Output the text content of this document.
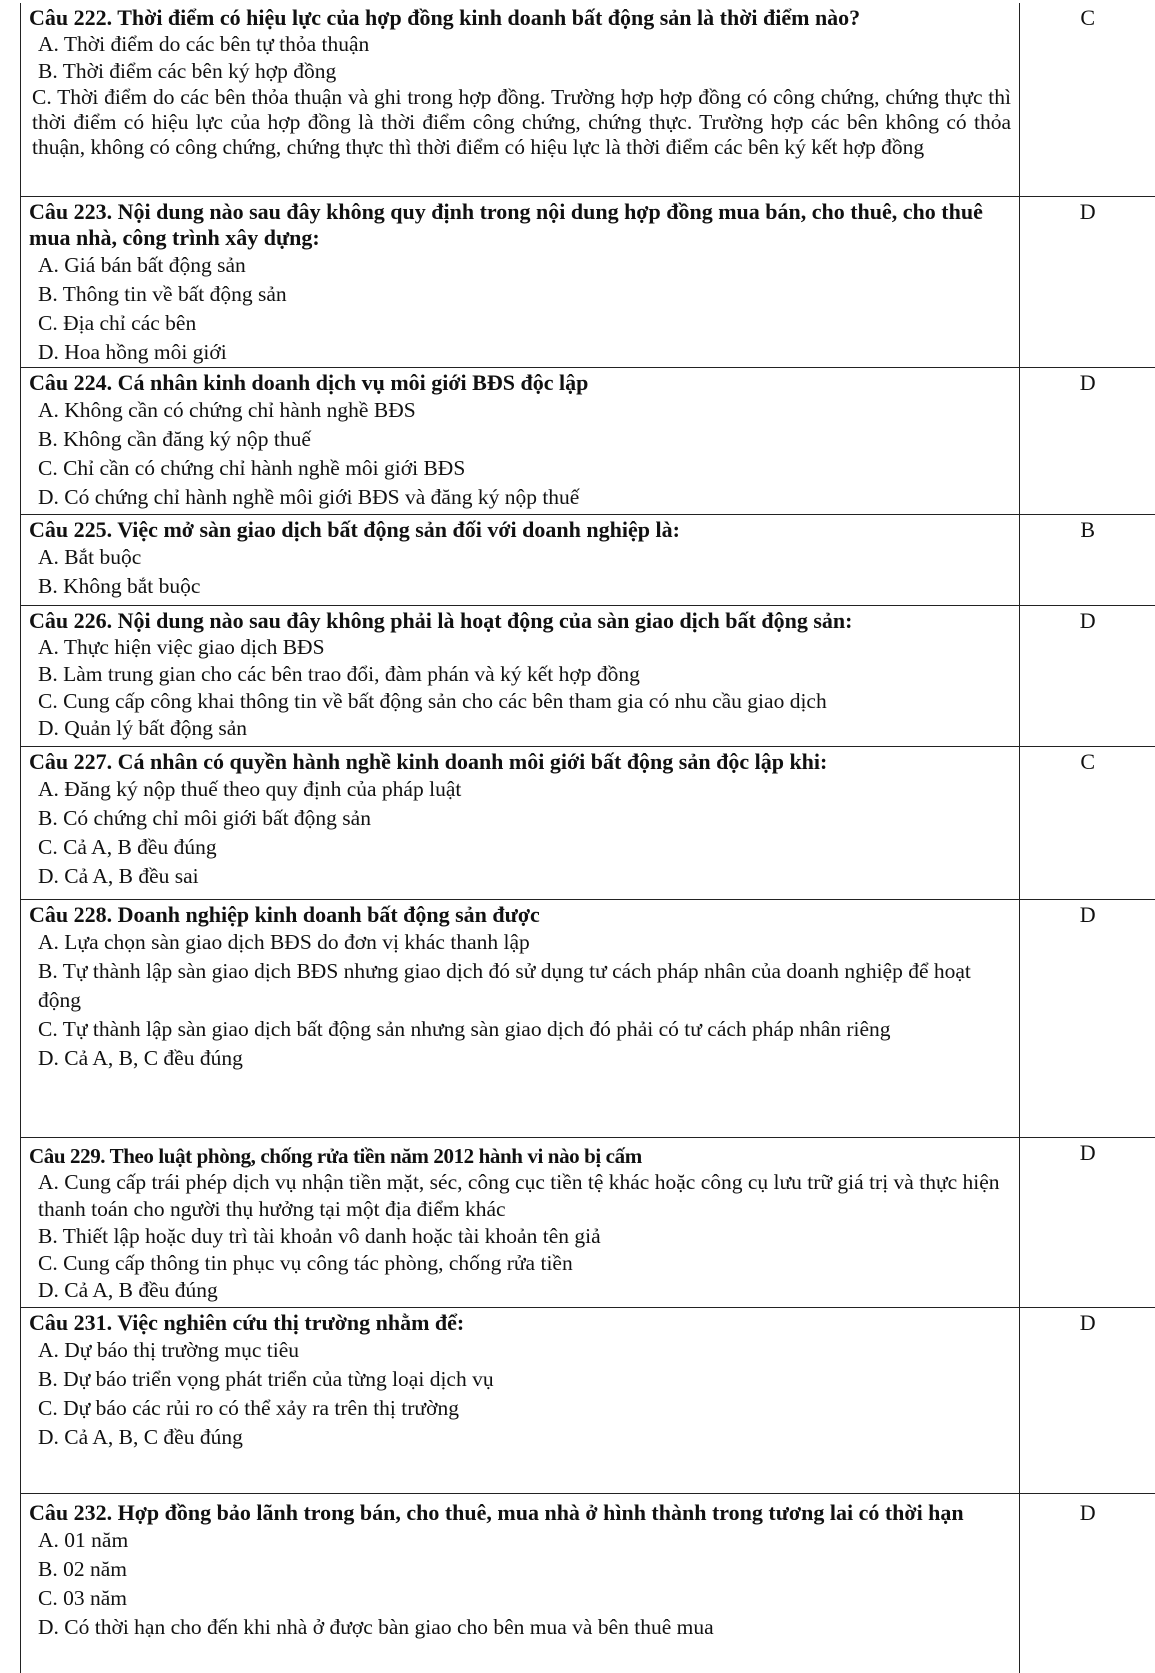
Câu 222. Thời điểm có hiệu lực của hợp đồng kinh doanh bất động sản là thời điểm nào?
A. Thời điểm do các bên tự thỏa thuận
B. Thời điểm các bên ký hợp đồng
C. Thời điểm do các bên thỏa thuận và ghi trong hợp đồng. Trường hợp hợp đồng có công chứng, chứng thực thì thời điểm có hiệu lực của hợp đồng là thời điểm công chứng, chứng thực. Trường hợp các bên không có thỏa thuận, không có công chứng, chứng thực thì thời điểm có hiệu lực là thời điểm các bên ký kết hợp đồng	C

Câu 223. Nội dung nào sau đây không quy định trong nội dung hợp đồng mua bán, cho thuê, cho thuê mua nhà, công trình xây dựng:
A. Giá bán bất động sản
B. Thông tin về bất động sản
C. Địa chỉ các bên
D. Hoa hồng môi giới	D

Câu 224. Cá nhân kinh doanh dịch vụ môi giới BĐS độc lập
A. Không cần có chứng chỉ hành nghề BĐS
B. Không cần đăng ký nộp thuế
C. Chỉ cần có chứng chỉ hành nghề môi giới BĐS
D. Có chứng chỉ hành nghề môi giới BĐS và đăng ký nộp thuế	D

Câu 225. Việc mở sàn giao dịch bất động sản đối với doanh nghiệp là:
A. Bắt buộc
B. Không bắt buộc	B

Câu 226. Nội dung nào sau đây không phải là hoạt động của sàn giao dịch bất động sản:
A. Thực hiện việc giao dịch BĐS
B. Làm trung gian cho các bên trao đổi, đàm phán và ký kết hợp đồng
C. Cung cấp công khai thông tin về bất động sản cho các bên tham gia có nhu cầu giao dịch
D. Quản lý bất động sản	D

Câu 227. Cá nhân có quyền hành nghề kinh doanh môi giới bất động sản độc lập khi:
A. Đăng ký nộp thuế theo quy định của pháp luật
B. Có chứng chỉ môi giới bất động sản
C. Cả A, B đều đúng
D. Cả A, B đều sai	C

Câu 228. Doanh nghiệp kinh doanh bất động sản được
A. Lựa chọn sàn giao dịch BĐS do đơn vị khác thanh lập
B. Tự thành lập sàn giao dịch BĐS nhưng giao dịch đó sử dụng tư cách pháp nhân của doanh nghiệp để hoạt động
C. Tự thành lập sàn giao dịch bất động sản nhưng sàn giao dịch đó phải có tư cách pháp nhân riêng
D. Cả A, B, C đều đúng	D

Câu 229. Theo luật phòng, chống rửa tiền năm 2012 hành vi nào bị cấm
A. Cung cấp trái phép dịch vụ nhận tiền mặt, séc, công cục tiền tệ khác hoặc công cụ lưu trữ giá trị và thực hiện thanh toán cho người thụ hưởng tại một địa điểm khác
B. Thiết lập hoặc duy trì tài khoản vô danh hoặc tài khoản tên giả
C. Cung cấp thông tin phục vụ công tác phòng, chống rửa tiền
D. Cả A, B đều đúng	D

Câu 231. Việc nghiên cứu thị trường nhằm để:
A. Dự báo thị trường mục tiêu
B. Dự báo triển vọng phát triển của từng loại dịch vụ
C. Dự báo các rủi ro có thể xảy ra trên thị trường
D. Cả A, B, C đều đúng	D

Câu 232. Hợp đồng bảo lãnh trong bán, cho thuê, mua nhà ở hình thành trong tương lai có thời hạn
A. 01 năm
B. 02 năm
C. 03 năm
D. Có thời hạn cho đến khi nhà ở được bàn giao cho bên mua và bên thuê mua	D
